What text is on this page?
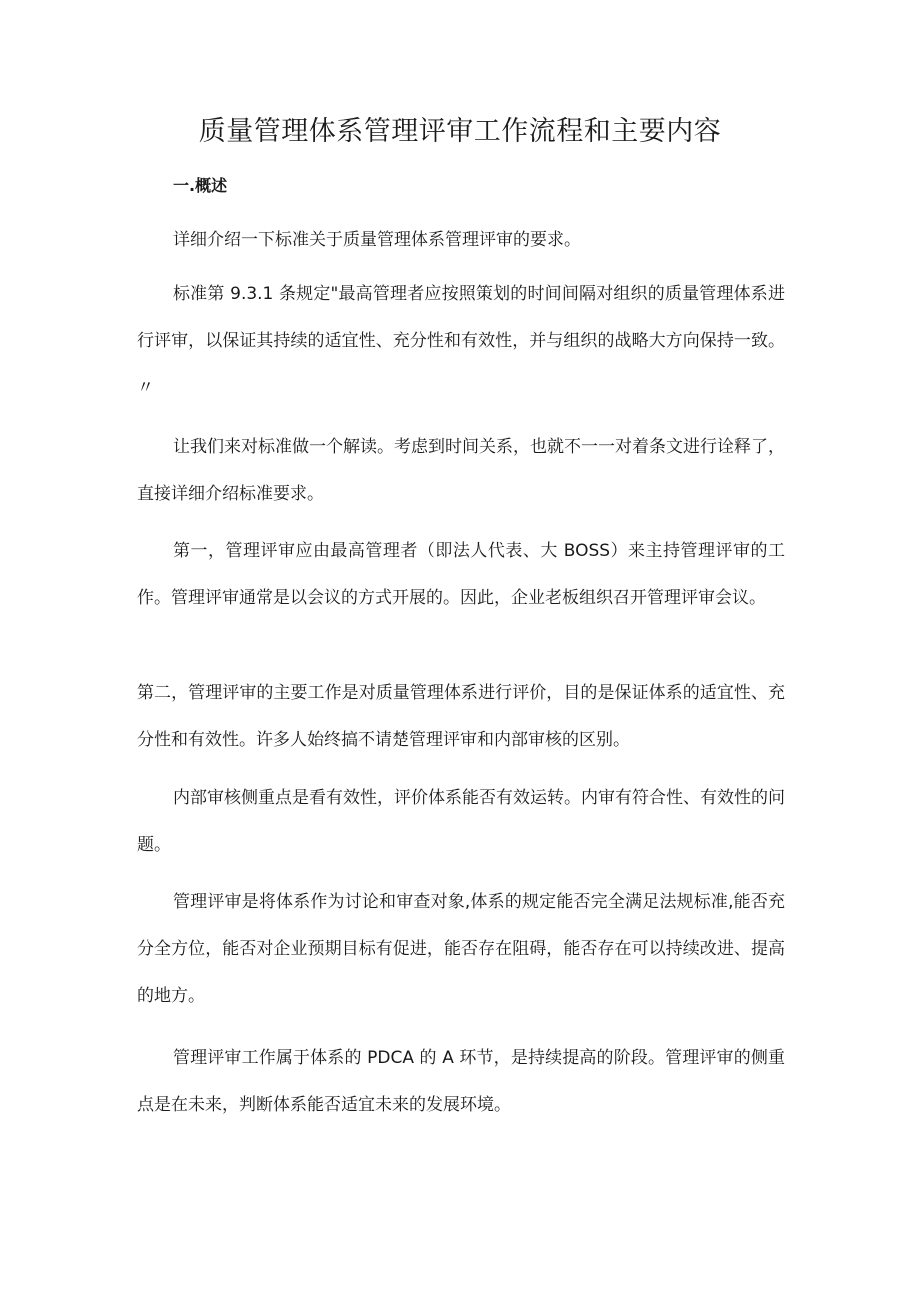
质量管理体系管理评审工作流程和主要内容
一.概述

详细介绍一下标准关于质量管理体系管理评审的要求。

标准第 9.3.1 条规定"最高管理者应按照策划的时间间隔对组织的质量管理体系进行评审，以保证其持续的适宜性、充分性和有效性，并与组织的战略大方向保持一致。〃

让我们来对标准做一个解读。考虑到时间关系，也就不一一对着条文进行诠释了，直接详细介绍标准要求。

第一，管理评审应由最高管理者（即法人代表、大 BOSS）来主持管理评审的工作。管理评审通常是以会议的方式开展的。因此，企业老板组织召开管理评审会议。

第二，管理评审的主要工作是对质量管理体系进行评价，目的是保证体系的适宜性、充分性和有效性。许多人始终搞不请楚管理评审和内部审核的区别。

内部审核侧重点是看有效性，评价体系能否有效运转。内审有符合性、有效性的问题。

管理评审是将体系作为讨论和审查对象,体系的规定能否完全满足法规标准,能否充分全方位，能否对企业预期目标有促进，能否存在阻碍，能否存在可以持续改进、提高的地方。

管理评审工作属于体系的 PDCA 的 A 环节，是持续提高的阶段。管理评审的侧重点是在未来，判断体系能否适宜未来的发展环境。
